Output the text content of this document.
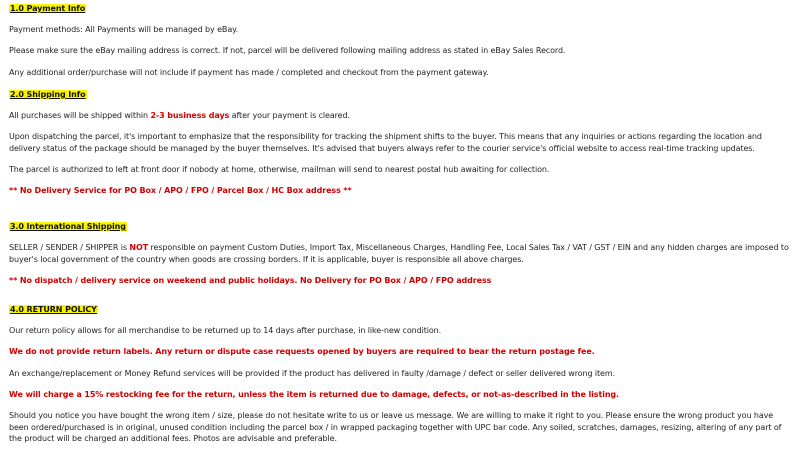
1.0 Payment Info

Payment methods: All Payments will be managed by eBay.

Please make sure the eBay mailing address is correct. If not, parcel will be delivered following mailing address as stated in eBay Sales Record.

Any additional order/purchase will not include if payment has made / completed and checkout from the payment gateway.

2.0 Shipping Info

All purchases will be shipped within 2-3 business days after your payment is cleared.

Upon dispatching the parcel, it's important to emphasize that the responsibility for tracking the shipment shifts to the buyer. This means that any inquiries or actions regarding the location and delivery status of the package should be managed by the buyer themselves. It's advised that buyers always refer to the courier service's official website to access real-time tracking updates.

The parcel is authorized to left at front door if nobody at home, otherwise, mailman will send to nearest postal hub awaiting for collection.

** No Delivery Service for PO Box / APO / FPO / Parcel Box / HC Box address **

3.0 International Shipping

SELLER / SENDER / SHIPPER is NOT responsible on payment Custom Duties, Import Tax, Miscellaneous Charges, Handling Fee, Local Sales Tax / VAT / GST / EIN and any hidden charges are imposed to buyer's local government of the country when goods are crossing borders. If it is applicable, buyer is responsible all above charges.

** No dispatch / delivery service on weekend and public holidays. No Delivery for PO Box / APO / FPO address

4.0 RETURN POLICY

Our return policy allows for all merchandise to be returned up to 14 days after purchase, in like-new condition.

We do not provide return labels. Any return or dispute case requests opened by buyers are required to bear the return postage fee.

An exchange/replacement or Money Refund services will be provided if the product has delivered in faulty /damage / defect or seller delivered wrong item.

We will charge a 15% restocking fee for the return, unless the item is returned due to damage, defects, or not-as-described in the listing.

Should you notice you have bought the wrong item / size, please do not hesitate write to us or leave us message. We are willing to make it right to you. Please ensure the wrong product you have been ordered/purchased is in original, unused condition including the parcel box / in wrapped packaging together with UPC bar code. Any soiled, scratches, damages, resizing, altering of any part of the product will be charged an additional fees. Photos are advisable and preferable.
